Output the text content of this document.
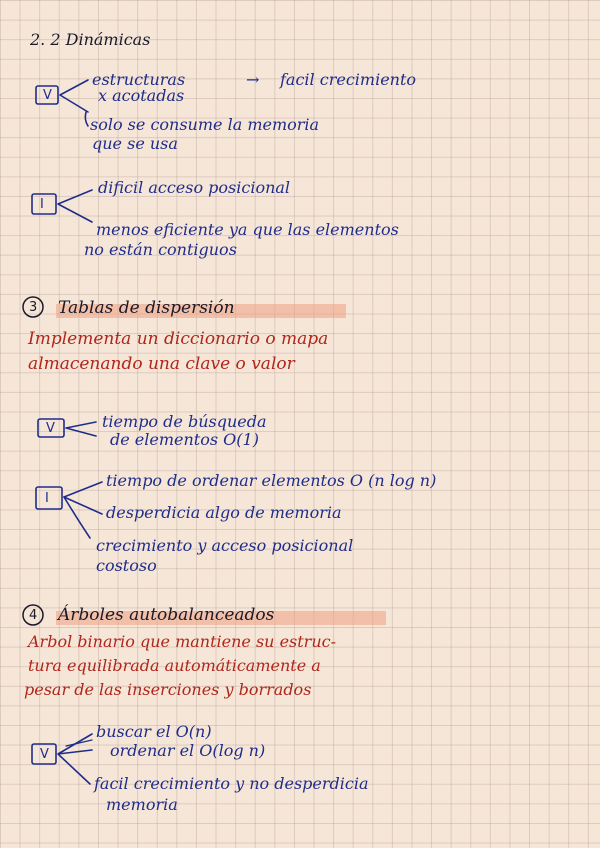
2. 2 Dinámicas
V
estructuras	→ facil crecimiento
x acotadas
solo se consume la memoria
que se usa
I
dificil acceso posicional
menos eficiente ya que las elementos
no están contiguos
3 Tablas de dispersión
Implementa un diccionario o mapa
almacenando una clave o valor
V	tiempo de búsqueda
de elementos O(1)
I
tiempo de ordenar elementos O (n log n)
desperdicia algo de memoria
crecimiento y acceso posicional
costoso
4 Árboles autobalanceados
Arbol binario que mantiene su estruc-
tura equilibrada automáticamente a
pesar de las inserciones y borrados
V
buscar el O(n)
ordenar el O(log n)
facil crecimiento y no desperdicia
memoria
